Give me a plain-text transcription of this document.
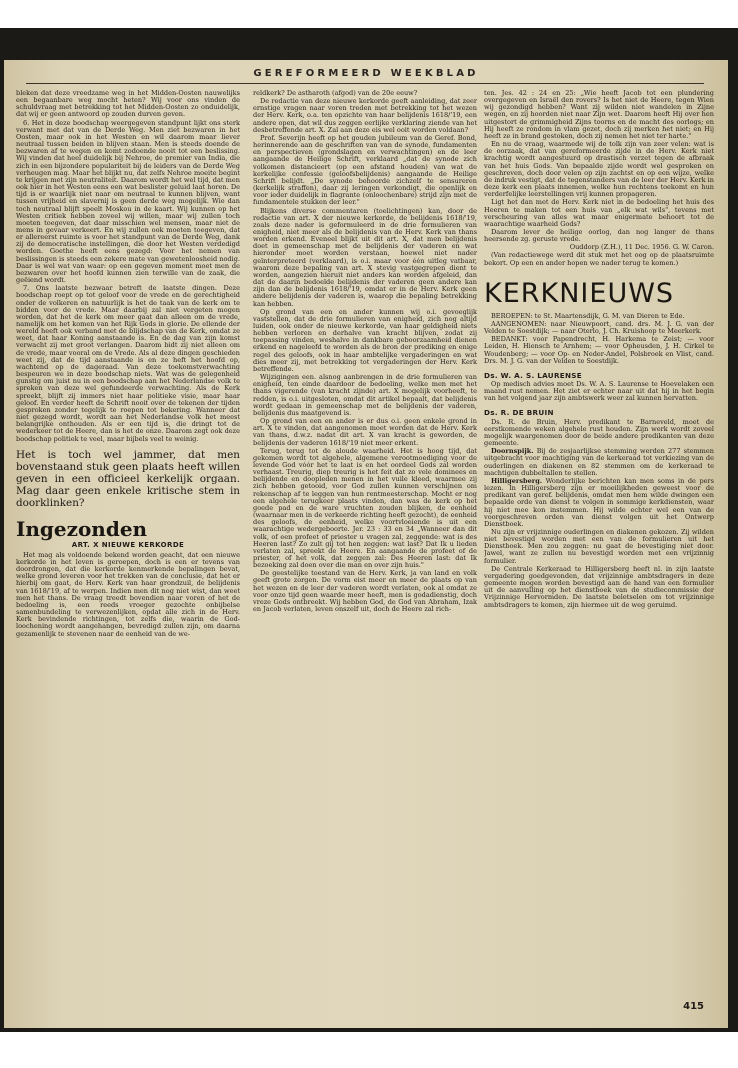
GEREFORMEERD WEEKBLAD

bleken dat deze vreedzame weg in het Midden-Oosten nauwelijks een begaanbare weg mocht heten? Wij voor ons vinden de schuldvraag met betrekking tot het Midden-Oosten zo onduidelijk, dat wij er geen antwoord op zouden durven geven.

6. Het in deze boodschap weergegeven standpunt lijkt ons sterk verwant met dat van de Derde Weg. Men ziet bezwaren in het Oosten, maar ook in het Westen en wil daarom maar liever neutraal tussen beiden in blijven staan. Men is steeds doende de bezwaren af te wegen en komt zodoende nooit tot een beslissing. Wij vinden dat heel duidelijk bij Nehroe, de premier van India, die zich in een bijzondere populariteit bij de leiders van de Derde Weg verheugen mag. Maar het blijkt nu, dat zelfs Nehroe moeite begint te krijgen met zijn neutraliteit. Daarom wordt het wel tijd, dat men ook hier in het Westen eens een wat beslister geluid laat horen. De tijd is er waarlijk niet naar om neutraal te kunnen blijven, want tussen vrijheid en slavernij is geen derde weg mogelijk. Wie dan toch neutraal blijft speelt Moskou in de kaart. Wij kunnen op het Westen critiek hebben zoveel wij willen, maar wij zullen toch moeten toegeven, dat daar misschien wel mensen, maar niet de mens in gevaar verkeert. En wij zullen ook moeten toegeven, dat er allereerst ruimte is voor het standpunt van de Derde Weg, dank zij de democratische instellingen, die door het Westen verdedigd worden. Goethe heeft eens gezegd: Voor het nemen van beslissingen is steeds een zekere mate van gewetenloosheid nodig. Daar is wel wat van waar: op een gegeven moment moet men de bezwaren over het hoofd kunnen zien terwille van de zaak, die geëiend wordt.

7. Ons laatste bezwaar betreft de laatste dingen. Deze boodschap roept op tot geloof voor de vrede en de gerechtigheid onder de volkeren en natuurlijk is het de taak van de kerk om te bidden voor de vrede. Maar daarbij zal niet vergeten mogen worden, dat het de kerk om meer gaat dan alleen om de vrede, namelijk om het komen van het Rijk Gods in glorie. De ellende der wereld heeft ook verband met de blijdschap van de Kerk, omdat ze weet, dat haar Koning aanstaande is. En de dag van zijn komst verwacht zij met groot verlangen. Daarom bidt zij niet alleen om de vrede, maar vooral om de Vrede. Als al deze dingen geschieden weet zij, dat de tijd aanstaande is en ze heft het hoofd op, wachtend op de dageraad. Van deze toekomstverwachting bespeuren we in deze boodschap niets. Wat was de gelegenheid gunstig om juist nu in een boodschap aan het Nederlandse volk te spreken van deze wel gefundeerde verwachting. Als de Kerk spreekt, blijft zij immers niet haar politieke visie, maar haar geloof. En verder heeft de Schrift nooit over de tekenen der tijden gesproken zonder tegelijk te roepen tot bekering. Wanneer dat niet gezegd wordt, wordt aan het Nederlandse volk het meest belangrijke onthouden. Als er een tijd is, die dringt tot de wederkeer tot de Heere, dan is het de onze. Daarom zegt ook deze boodschap politiek te veel, maar bijbels veel te weinig.

Het is toch wel jammer, dat men bovenstaand stuk geen plaats heeft willen geven in een officieel kerkelijk orgaan. Mag daar geen enkele kritische stem in doorklinken?

Ingezonden
ART. X NIEUWE KERKORDE

Het mag als voldoende bekend worden geacht, dat een nieuwe kerkorde in het leven is geroepen, doch is een er tevens van doordrongen, dat die kerkorde kenmerkende bepalingen bevat, welke grond leveren voor het trekken van de conclusie, dat het er hierbij om gaat, de Herv. Kerk van haar grondzuil, de belijdenis van 1618/'19, af te werpen. Indien men dit nog niet wist, dan weet men het thans. De vraag treedt bovendien naar voren of het de bedoeling is, een reeds vroeger gezochte onbijbelse samenbundeling te verwezenlijken, opdat alle zich in de Herv. Kerk bevindende richtingen, tot zelfs die, waarin de God-loochening wordt aangehangen, bevredigd zullen zijn, om daarna gezamenlijk te stevenen naar de eenheid van de we-

reldkerk? De astharoth (afgod) van de 20e eeuw?

De redactie van deze nieuwe kerkorde geeft aanleiding, dat zeer ernstige vragen naar voren treden met betrekking tot het wezen der Herv. Kerk, o.a. ten opzichte van haar belijdenis 1618/'19, een andere open, dat wil dus zeggen eerlijke verklaring ziende van het desbetreffende art. X. Zal aan deze eis wel ooit worden voldaan?

Prof. Severijn heeft op het gouden jubileum van de Geref. Bond, herinnerende aan de geschriften van van de synode, fundamenten en perspectieven (grondslagen en verwachtingen) en de leer aangaande de Heilige Schrift, verklaard „dat de synode zich volkomen distancieert (op een afstand houden) van wat de kerkelijke confessie (geloofsbelijdenis) aangaande de Heilige Schrift belijdt. „De synode behoorde zichzelf te sensureren (kerkelijk straffen), daar zij leringen verkondigt, die openlijk en voor ieder duidelijk in flagrante (onloochenbare) strijd zijn met de fundamentele stukken der leer."

Blijkens diverse commentaren (toelichtingen) kan, door de redactie van art. X der nieuwe kerkorde, de belijdenis 1618/'19, zoals deze nader is geformuleerd in de drie formulieren van enigheid, niet meer als de belijdenis van de Herv. Kerk van thans worden erkend. Eveneel blijkt uit dit art. X, dat men belijdenis doet in gemeenschap met de belijdenis der vaderen en wat hieronder moet worden verstaan, hoewel niet nader geïnterpreteerd (verklaard), is o.i. maar voor één uitleg vatbaar, waarom deze bepaling van art. X stevig vastgegrepen dient te worden, aangezien hieruit niet anders kan worden afgeleid, dan dat de daarin bedoelde belijdenis der vaderen geen andere kan zijn dan de belijdenis 1618/'19, omdat er in de Herv. Kerk geen andere belijdenis der vaderen is, waarop die bepaling betrekking kan hebben.

Op grond van een en ander kunnen wij o.i. gevoeglijk vaststellen, dat de drie formulieren van enigheid, zich nog altijd luiden, ook onder de nieuwe kerkorde, van haar geldigheid niets hebben verloren en derhalve van kracht blijven, zodat zij toepassing vinden, weshalve in dankbare geboorzaamheid dienen erkend en nageleefd te worden als de bron der prediking en enige regel des geloofs, ook in haar ambtelijke vergaderingen en wat dies meer zij, met betrekking tot vergaderingen der Herv. Kerk betreffende.

Wijzigingen een. alsnog aanbrengen in de drie formulieren van enigheid, ten einde daardoor de bedoeling, welke men met het thans vigerende (van kracht zijnde) art. X mogelijk voorheeft, te redden, is o.i. uitgesloten, omdat dit artikel bepaalt, dat belijdenis wordt gedaan in gemeenschap met de belijdenis der vaderen, belijdenis dus maatgevend is.

Op grond van een en ander is er dus o.i. geen enkele grond in art. X te vinden, dat aangenomen moet worden dat de Herv. Kerk van thans, d.w.z. nadat dit art. X van kracht is geworden, de belijdenis der vaderen 1618/'19 niet meer erkent.

Terug, terug tot de aloude waarheid. Het is hoog tijd, dat gekomen wordt tot algehele, algemene verootmoediging voor de levende God vóór het te laat is en het oordeel Gods zal worden verhaast. Treurig, diep treurig is het feit dat zo vele dominees en belijdende en doopleden menen in het vuile kleed, waarmee zij zich hebben getooid, voor God zullen kunnen verschijnen om rekenschap af te leggen van hun rentmeesterschap. Mocht er nog een algehele terugkeer plaats vinden, dan was de kerk op het goede pad en de ware vruchten zouden blijken, de eenheid (waarnaar men in de verkeerde richting heeft gezocht), de eenheid des geloofs, de eenheid, welke voortvloeiende is uit een waarachtige wedergeboorte. Jer. 23 : 33 en 34 „Wanneer dan dit volk, of een profeet of priester u vragen zal, zeggende: wat is des Heeren last? Zo zult gij tot hen zeggen: wat last? Dat Ik u lieden verlaten zal, spreekt de Heere. En aangaande de profeet of de priester, of het volk, dat zeggen zal: Des Heeren last: dat Ik bezoeking zal doen over die man en over zijn huis."

De geestelijke toestand van de Herv. Kerk, ja van land en volk geeft grote zorgen. De vorm eist meer en meer de plaats op van het wezen en de leer der vaderen wordt verlaten, ook al omdat ze voor onze tijd geen waarde meer heeft, men is godadienstig, doch vreze Gods ontbreekt. Wij hebben God, de God van Abraham, Izak en Jacob verlaten, leven onszelf uit, doch de Heere zal rich-

ten. Jes. 42 : 24 en 25: „Wie heeft Jacob tot een plundering overgegeven en Israël den rovers? Is het niet de Heere, tegen Wien wij gezondigd hebben? Want zij wilden niet wandelen in Zijne wegen, en zij hoorden niet naar Zijn wet. Daarom heeft Hij over hen uitgestort de grimmigheid Zijns toorns en de macht des oorlogs; en Hij heeft ze rondom in vlam gezet, doch zij merken het niet; en Hij heeft ze in brand gestoken, doch zij nemen het niet ter harte."

En nu de vraag, waarmede wij de tolk zijn van zeer velen: wat is de oorzaak, dat van gereformeerde zijde in de Herv. Kerk niet krachtig wordt aangestuurd op drastisch verzet tegen de afbraak van het huis Gods. Van bepaalde zijde wordt wel gesproken en geschreven, doch door velen op zijn zachtst en op een wijze, welke de indruk vestigt, dat de tegenstanders van de leer der Herv. Kerk in deze kerk een plaats innemen, welke hun rechtens toekomt en hun verderfelijke leerstellingen vrij kunnen propageren.

Ligt het dan met de Herv. Kerk niet in de bedoeling het huis des Heeren te maken tot een huis van „elk wat wils", tevens met verscheuring van alles wat maar enigermate behoort tot de waarachtige waarheid Gods?

Daarom lever de heilige oorlog, dan nog langer de thans heersende zg. geruste vrede.

Ouddorp (Z.H.), 11 Dec. 1956. G. W. Caron.

(Van redactiewege werd dit stuk met het oog op de plaatsruimte bekort. Op een en ander hopen we nader terug te komen.)

KERKNIEUWS

BEROEPEN: te St. Maartensdijk, G. M. van Dieren te Ede.

AANGENOMEN: naar Nieuwpoort, cand. drs. M. J. G. van der Velden te Soestdijk; — naar Oterlo, J. Ch. Kruishoop te Meerkerk.

BEDANKT: voor Papendrecht, H. Harkema te Zeist; — voor Leiden, H. Hiensch te Arnhem; — voor Opheusden, J. H. Cirkel te Woudenberg; — voor Op- en Neder-Andel, Polsbroek en Vlist, cand. Drs. M. J. G. van der Velden te Soestdijk.

Ds. W. A. S. LAURENSE

Op medisch advies moet Ds. W. A. S. Laurense te Hoevelaken een maand rust nemen. Het ziet er echter naar uit dat hij in het begin van het volgend jaar zijn ambtswerk weer zal kunnen hervatten.

Ds. R. DE BRUIN

Ds. R. de Bruin, Herv. predikant te Barneveld, moet de eerstkomende weken algehele rust houden. Zijn werk wordt zoveel mogelijk waargenomen door de beide andere predikanten van deze gemeente.

Doornspijk. Bij de zesjaarlijkse stemming werden 277 stemmen uitgebracht voor machtiging van de kerkeraad tot verkiezing van de ouderlingen en diakenen en 82 stemmen om de kerkeraad te machtigen dubbeltallen te stellen.

Hilligersberg. Wonderlijke berichten kan men soms in de pers lezen. In Hilligersberg zijn er moeilijkheden geweest voor de predikant van geref. belijdenis, omdat men hem wilde dwingen een bepaalde orde van dienst te volgen in sommige kerkdiensten, waar hij niet mee kon instemmen. Hij wilde echter wel een van de voorgeschreven orden van dienst volgen uit het Ontwerp Dienstboek.

Nu zijn er vrijzinnige ouderlingen en diakenen gekozen. Zij wilden niet bevestigd worden met een van de formulieren uit het Dienstboek. Men zou zeggen: nu gaat de bevestiging niet door. Jawel, want ze zullen nu bevestigd worden met een vrijzinnig formulier.

De Centrale Kerkeraad te Hilligersberg heeft nl. in zijn laatste vergadering goedgevonden, dat vrijzinnige ambtsdragers in deze gemeente mogen worden bevestigd aan de hand van een formulier uit de aanvulling op het dienstboek van de studiecommissie der Vrijzinnige Hervormden. De laatste beletselen om tot vrijzinnige ambtsdragers te komen, zijn hiermee uit de weg geruimd.

415
